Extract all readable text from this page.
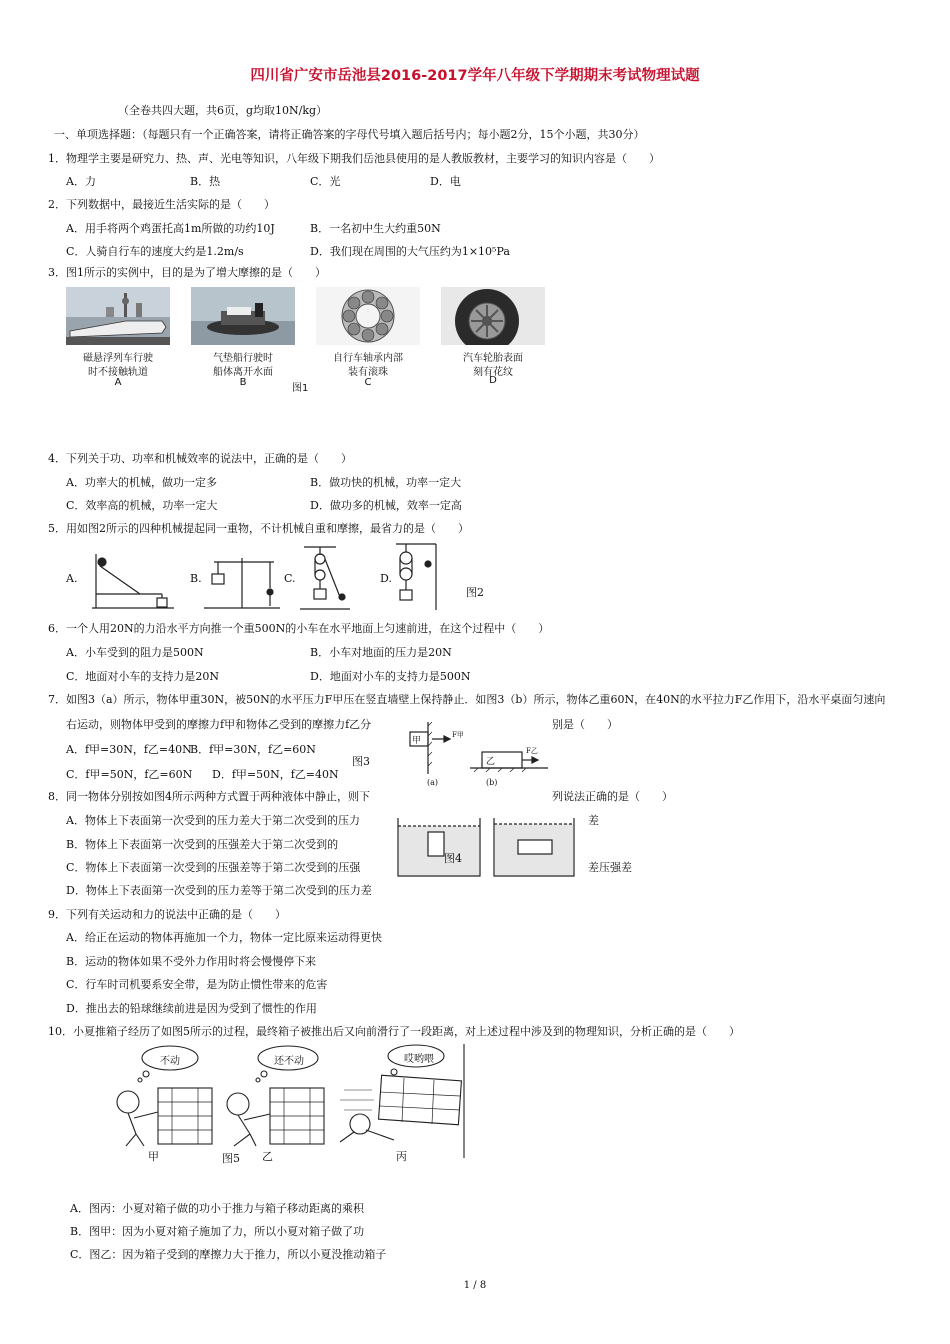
四川省广安市岳池县2016-2017学年八年级下学期期末考试物理试题
（全卷共四大题，共6页，g均取10N/kg）
一、单项选择题：（每题只有一个正确答案，请将正确答案的字母代号填入题后括号内；每小题2分，15个小题，共30分）
1．物理学主要是研究力、热、声、光电等知识，八年级下期我们岳池县使用的是人教版教材，主要学习的知识内容是（　　）
A．力	B．热	C．光	D．电
2．下列数据中，最接近生活实际的是（　　）
A．用手将两个鸡蛋托高1m所做的功约10J	B．一名初中生大约重50N
C．人骑自行车的速度大约是1.2m/s	D．我们现在周围的大气压约为1×10⁵Pa
3．图1所示的实例中，目的是为了增大摩擦的是（　　）
磁悬浮列车行驶
时不接触轨道
A
气垫船行驶时
船体离开水面
B
自行车轴承内部
装有滚珠
C
汽车轮胎表面
刻有花纹
D
图1
4．下列关于功、功率和机械效率的说法中，正确的是（　　）
A．功率大的机械，做功一定多	B．做功快的机械，功率一定大
C．效率高的机械，功率一定大	D．做功多的机械，效率一定高
5．用如图2所示的四种机械提起同一重物，不计机械自重和摩擦，最省力的是（　　）
A.	B.	C.	D.
图2
6．一个人用20N的力沿水平方向推一个重500N的小车在水平地面上匀速前进，在这个过程中（　　）
A．小车受到的阻力是500N	B．小车对地面的压力是20N
C．地面对小车的支持力是20N	D．地面对小车的支持力是500N
7．如图3（a）所示，物体甲重30N，被50N的水平压力F甲压在竖直墙壁上保持静止．如图3（b）所示，物体乙重60N，在40N的水平拉力F乙作用下，沿水平桌面匀速向
右运动，则物体甲受到的摩擦力f甲和物体乙受到的摩擦力f乙分	别是（　　）
A．f甲=30N，f乙=40N
B．f甲=30N，f乙=60N
C．f甲=50N，f乙=60N D．f甲=50N，f乙=40N
图3
甲
F甲
乙
F乙
(a)	(b)
8．同一物体分别按如图4所示两种方式置于两种液体中静止，则下	列说法正确的是（　　）
A．物体上下表面第一次受到的压力差大于第二次受到的压力	差
B．物体上下表面第一次受到的压强差大于第二次受到的
C．物体上下表面第一次受到的压强差等于第二次受到的压强	差压强差
D．物体上下表面第一次受到的压力差等于第二次受到的压力差
图4
9．下列有关运动和力的说法中正确的是（　　）
A．给正在运动的物体再施加一个力，物体一定比原来运动得更快
B．运动的物体如果不受外力作用时将会慢慢停下来
C．行车时司机要系安全带，是为防止惯性带来的危害
D．推出去的铅球继续前进是因为受到了惯性的作用
10．小夏推箱子经历了如图5所示的过程，最终箱子被推出后又向前滑行了一段距离，对上述过程中涉及到的物理知识，分析正确的是（　　）
不动	还不动	哎哟喂
甲	图5 乙	丙
A．图丙：小夏对箱子做的功小于推力与箱子移动距离的乘积
B．图甲：因为小夏对箱子施加了力，所以小夏对箱子做了功
C．图乙：因为箱子受到的摩擦力大于推力，所以小夏没推动箱子
1 / 8
